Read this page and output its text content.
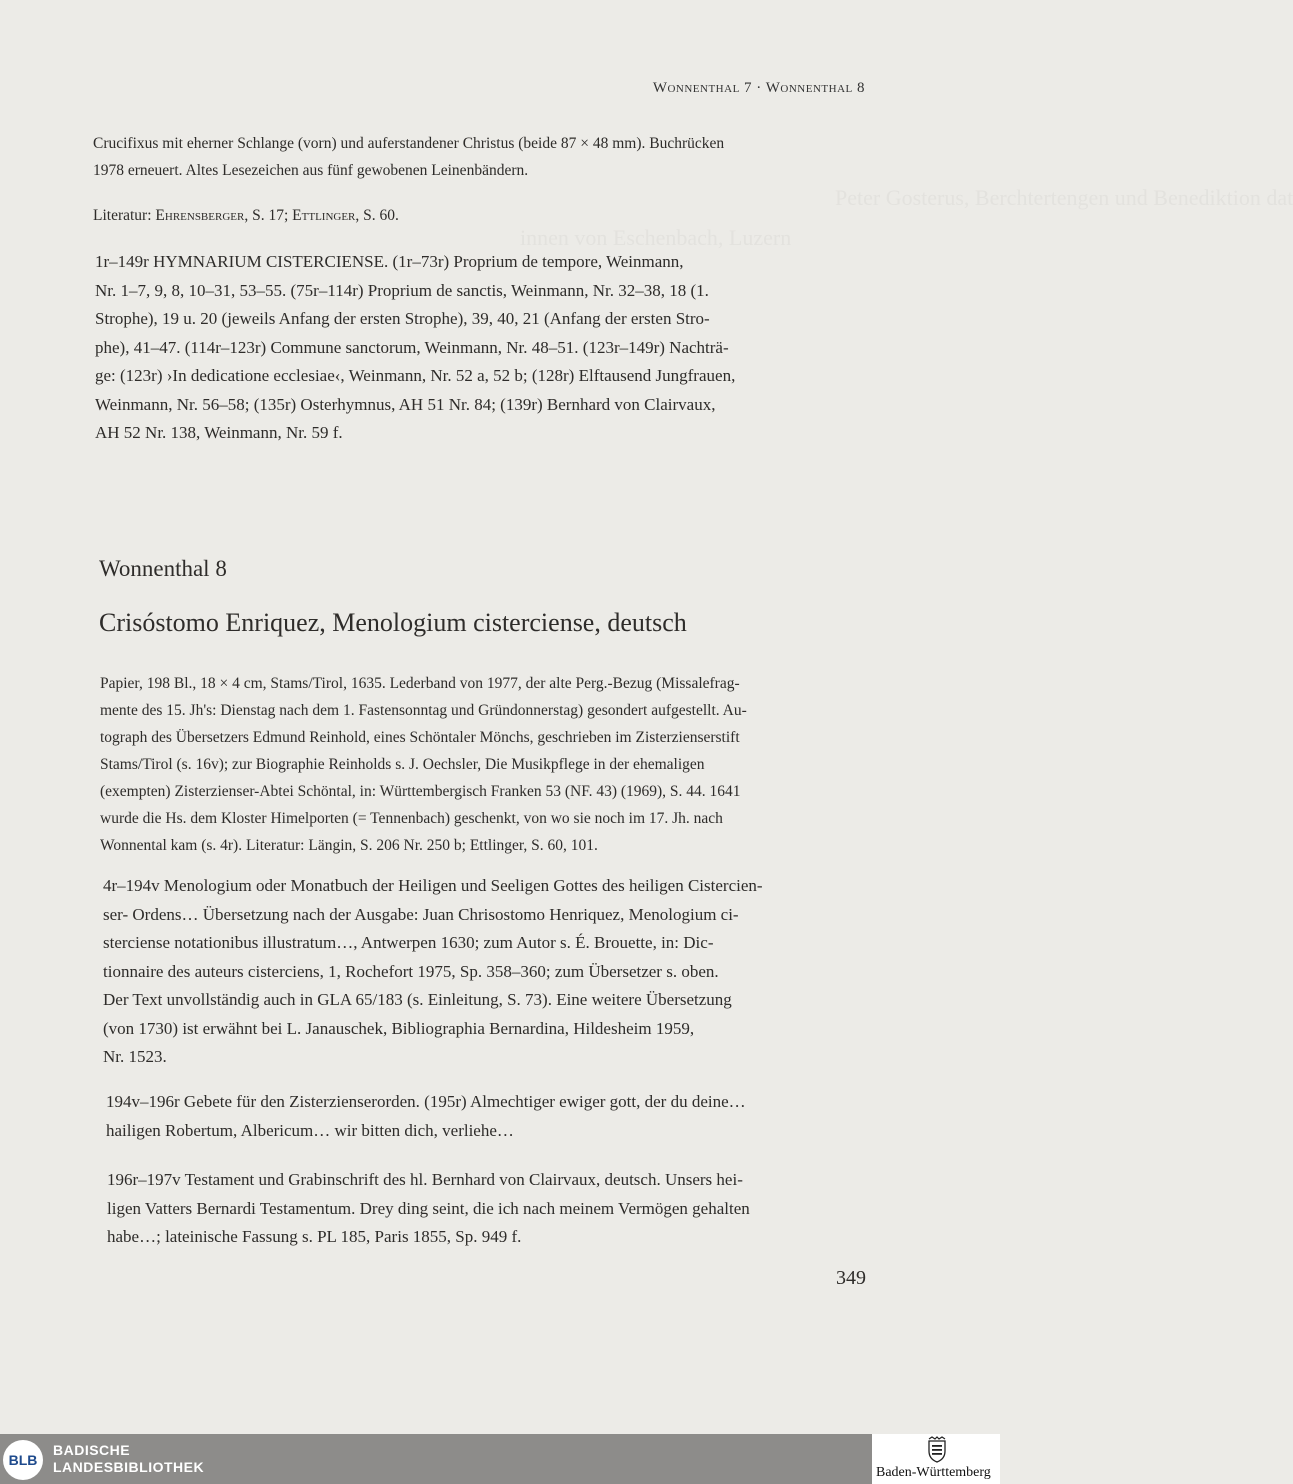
Peter Gosterus, Berchtertengen und Benediktion dat
innen von Eschenbach, Luzern
Wonnenthal 7 · Wonnenthal 8
Crucifixus mit eherner Schlange (vorn) und auferstandener Christus (beide 87 × 48 mm). Buchrücken
1978 erneuert. Altes Lesezeichen aus fünf gewobenen Leinenbändern.
Literatur: Ehrensberger, S. 17; Ettlinger, S. 60.
1r–149r HYMNARIUM CISTERCIENSE. (1r–73r) Proprium de tempore, Weinmann,
Nr. 1–7, 9, 8, 10–31, 53–55. (75r–114r) Proprium de sanctis, Weinmann, Nr. 32–38, 18 (1.
Strophe), 19 u. 20 (jeweils Anfang der ersten Strophe), 39, 40, 21 (Anfang der ersten Stro-
phe), 41–47. (114r–123r) Commune sanctorum, Weinmann, Nr. 48–51. (123r–149r) Nachträ-
ge: (123r) ›In dedicatione ecclesiae‹, Weinmann, Nr. 52 a, 52 b; (128r) Elftausend Jungfrauen,
Weinmann, Nr. 56–58; (135r) Osterhymnus, AH 51 Nr. 84; (139r) Bernhard von Clairvaux,
AH 52 Nr. 138, Weinmann, Nr. 59 f.
Wonnenthal 8
Crisóstomo Enriquez, Menologium cisterciense, deutsch
Papier, 198 Bl., 18 × 4 cm, Stams/Tirol, 1635. Lederband von 1977, der alte Perg.-Bezug (Missalefrag-
mente des 15. Jh's: Dienstag nach dem 1. Fastensonntag und Gründonnerstag) gesondert aufgestellt. Au-
tograph des Übersetzers Edmund Reinhold, eines Schöntaler Mönchs, geschrieben im Zisterzienserstift
Stams/Tirol (s. 16v); zur Biographie Reinholds s. J. Oechsler, Die Musikpflege in der ehemaligen
(exempten) Zisterzienser-Abtei Schöntal, in: Württembergisch Franken 53 (NF. 43) (1969), S. 44. 1641
wurde die Hs. dem Kloster Himelporten (= Tennenbach) geschenkt, von wo sie noch im 17. Jh. nach
Wonnental kam (s. 4r). Literatur: Längin, S. 206 Nr. 250 b; Ettlinger, S. 60, 101.
4r–194v Menologium oder Monatbuch der Heiligen und Seeligen Gottes des heiligen Cistercien-
ser- Ordens… Übersetzung nach der Ausgabe: Juan Chrisostomo Henriquez, Menologium ci-
sterciense notationibus illustratum…, Antwerpen 1630; zum Autor s. É. Brouette, in: Dic-
tionnaire des auteurs cisterciens, 1, Rochefort 1975, Sp. 358–360; zum Übersetzer s. oben.
Der Text unvollständig auch in GLA 65/183 (s. Einleitung, S. 73). Eine weitere Übersetzung
(von 1730) ist erwähnt bei L. Janauschek, Bibliographia Bernardina, Hildesheim 1959,
Nr. 1523.
194v–196r Gebete für den Zisterzienserorden. (195r) Almechtiger ewiger gott, der du deine…
hailigen Robertum, Albericum… wir bitten dich, verliehe…
196r–197v Testament und Grabinschrift des hl. Bernhard von Clairvaux, deutsch. Unsers hei-
ligen Vatters Bernardi Testamentum. Drey ding seint, die ich nach meinem Vermögen gehalten
habe…; lateinische Fassung s. PL 185, Paris 1855, Sp. 949 f.
349
BLB
BADISCHE
LANDESBIBLIOTHEK	Baden-Württemberg
